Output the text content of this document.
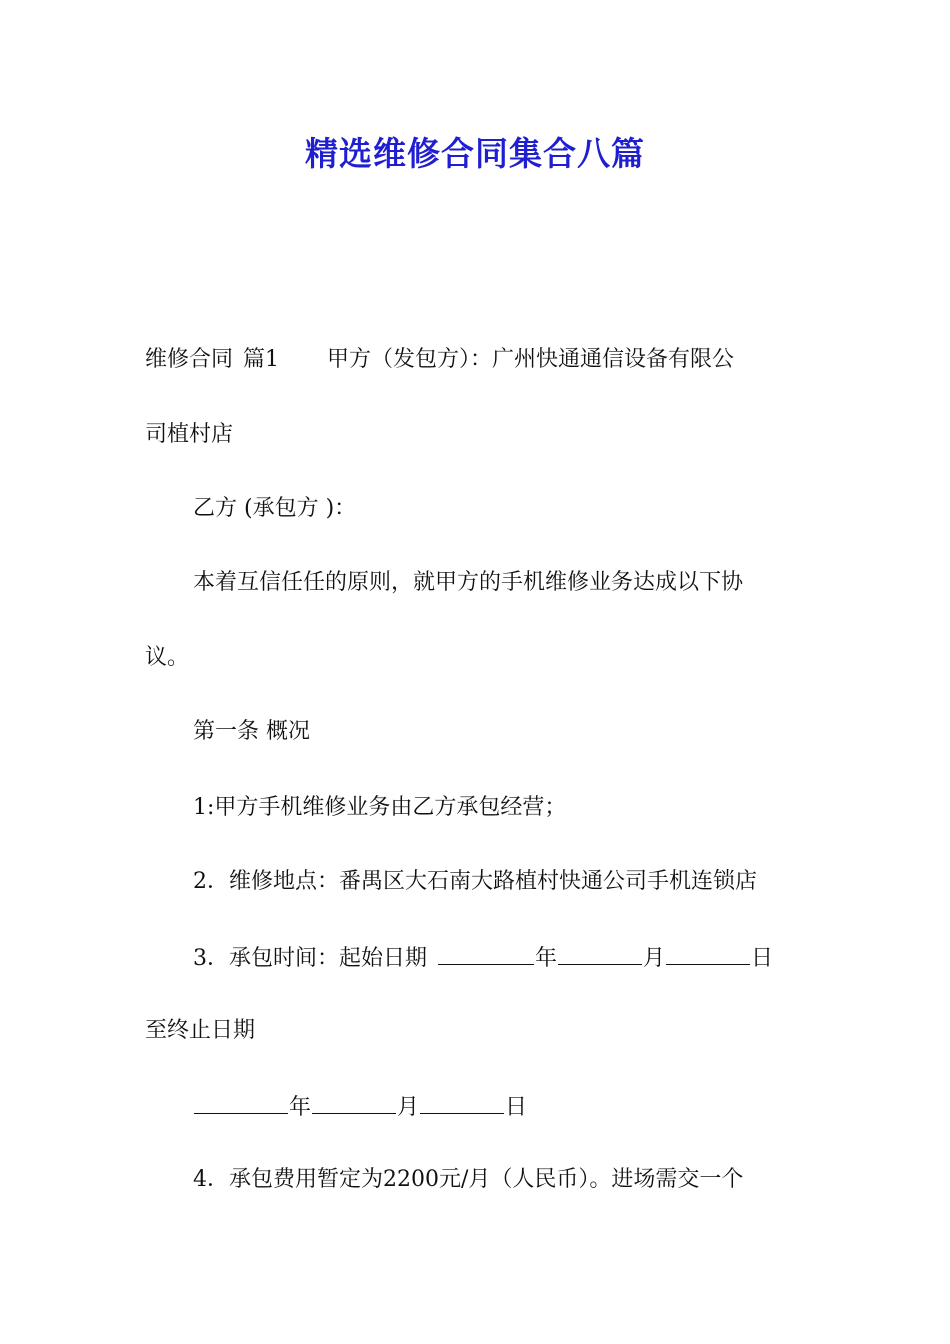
精选维修合同集合八篇

维修合同 篇1 甲方（发包方）：广州快通通信设备有限公

司植村店

乙方 (承包方 )：

本着互信任任的原则，就甲方的手机维修业务达成以下协

议。

第一条 概况

1:甲方手机维修业务由乙方承包经营；

2．维修地点：番禺区大石南大路植村快通公司手机连锁店

3．承包时间：起始日期	年	月	日

至终止日期

年	月	日

4．承包费用暂定为2200元/月（人民币）。进场需交一个
